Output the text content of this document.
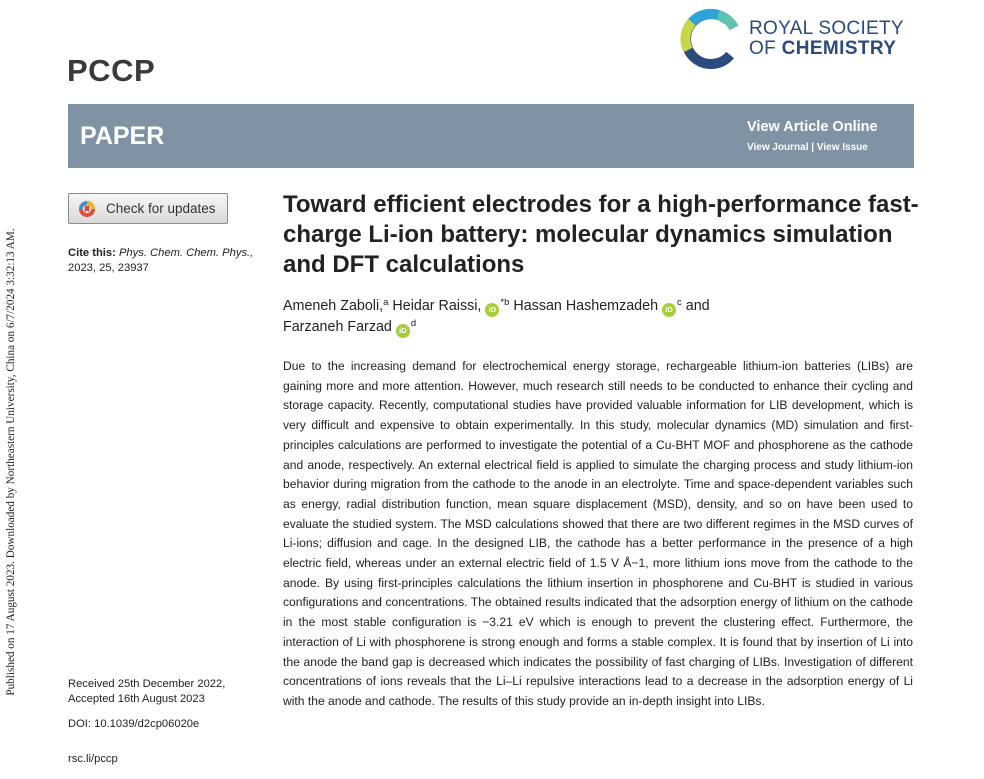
Published on 17 August 2023. Downloaded by Northeastern University, China on 6/7/2024 3:32:13 AM.
PCCP
ROYAL SOCIETY
OF CHEMISTRY
PAPER	View Article Online
View Journal | View Issue
Check for updates
Cite this: Phys. Chem. Chem. Phys.,
2023, 25, 23937
Toward efficient electrodes for a high-performance fast-charge Li-ion battery: molecular dynamics simulation and DFT calculations
Ameneh Zaboli,$^a$ Heidar Raissi, $iD^{*b}$ Hassan Hashemzadeh $iD^c$ and
Farzaneh Farzad $iD^d$

Due to the increasing demand for electrochemical energy storage, rechargeable lithium-ion batteries (LIBs) are gaining more and more attention. However, much research still needs to be conducted to enhance their cycling and storage capacity. Recently, computational studies have provided valuable information for LIB development, which is very difficult and expensive to obtain experimentally. In this study, molecular dynamics (MD) simulation and first-principles calculations are performed to investigate the potential of a Cu-BHT MOF and phosphorene as the cathode and anode, respectively. An external electrical field is applied to simulate the charging process and study lithium-ion behavior during migration from the cathode to the anode in an electrolyte. Time and space-dependent variables such as energy, radial distribution function, mean square displacement (MSD), density, and so on have been used to evaluate the studied system. The MSD calculations showed that there are two different regimes in the MSD curves of Li-ions; diffusion and cage. In the designed LIB, the cathode has a better performance in the presence of a high electric field, whereas under an external electric field of 1.5 V Å−1, more lithium ions move from the cathode to the anode. By using first-principles calculations the lithium insertion in phosphorene and Cu-BHT is studied in various configurations and concentrations. The obtained results indicated that the adsorption energy of lithium on the cathode in the most stable configuration is −3.21 eV which is enough to prevent the clustering effect. Furthermore, the interaction of Li with phosphorene is strong enough and forms a stable complex. It is found that by insertion of Li into the anode the band gap is decreased which indicates the possibility of fast charging of LIBs. Investigation of different concentrations of ions reveals that the Li–Li repulsive interactions lead to a decrease in the adsorption energy of Li with the anode and cathode. The results of this study provide an in-depth insight into LIBs.

Received 25th December 2022,
Accepted 16th August 2023
DOI: 10.1039/d2cp06020e
rsc.li/pccp
